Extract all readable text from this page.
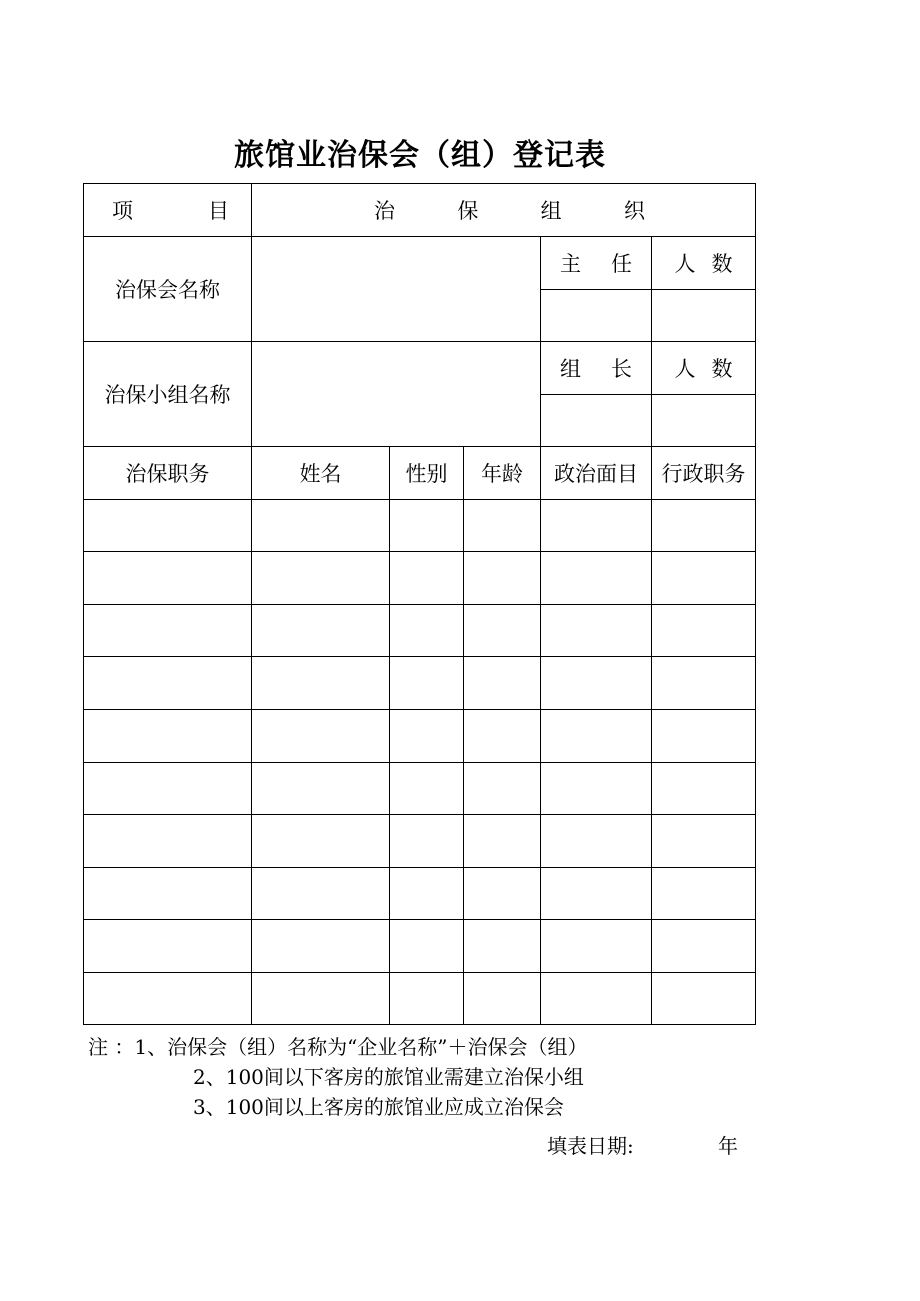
旅馆业治保会（组）登记表
项 目	治 保 组 织				

治保会名称				主 任	人 数

治保小组名称				组 长	人 数

治保职务	姓名	性别	年龄	政治面目	行政职务

注 ：1、治保会（组）名称为“企业名称”＋治保会（组）
2、100间以下客房的旅馆业需建立治保小组
3、100间以上客房的旅馆业应成立治保会
填表日期:	年
